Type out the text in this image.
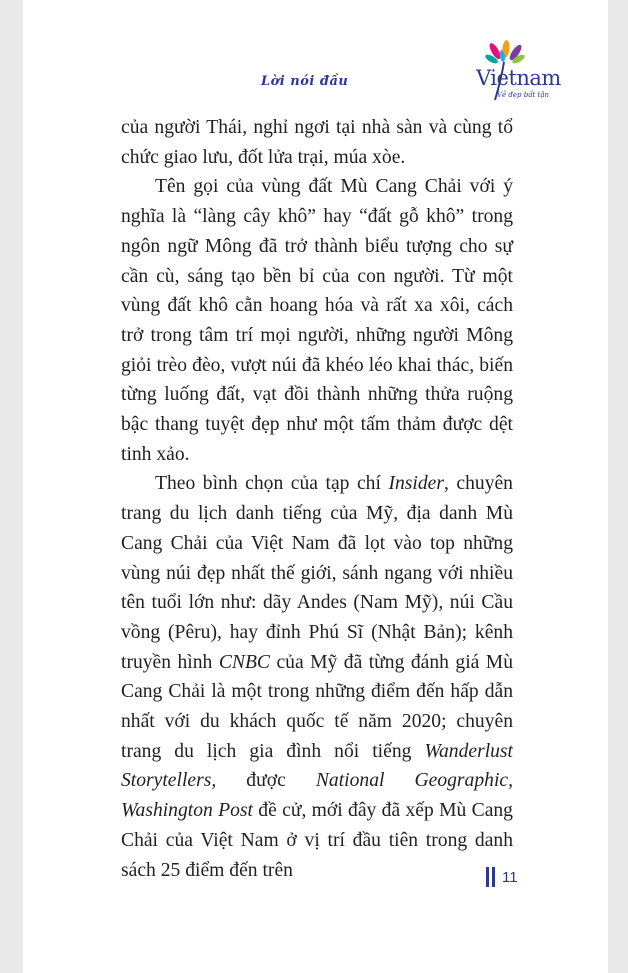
Lời nói đầu	Vietnam
Vẻ đẹp bất tận

của người Thái, nghỉ ngơi tại nhà sàn và cùng tổ chức giao lưu, đốt lửa trại, múa xòe.

Tên gọi của vùng đất Mù Cang Chải với ý nghĩa là “làng cây khô” hay “đất gỗ khô” trong ngôn ngữ Mông đã trở thành biểu tượng cho sự cần cù, sáng tạo bền bỉ của con người. Từ một vùng đất khô cằn hoang hóa và rất xa xôi, cách trở trong tâm trí mọi người, những người Mông giỏi trèo đèo, vượt núi đã khéo léo khai thác, biến từng luống đất, vạt đồi thành những thửa ruộng bậc thang tuyệt đẹp như một tấm thảm được dệt tinh xảo.

Theo bình chọn của tạp chí Insider, chuyên trang du lịch danh tiếng của Mỹ, địa danh Mù Cang Chải của Việt Nam đã lọt vào top những vùng núi đẹp nhất thế giới, sánh ngang với nhiều tên tuổi lớn như: dãy Andes (Nam Mỹ), núi Cầu vồng (Pêru), hay đỉnh Phú Sĩ (Nhật Bản); kênh truyền hình CNBC của Mỹ đã từng đánh giá Mù Cang Chải là một trong những điểm đến hấp dẫn nhất với du khách quốc tế năm 2020; chuyên trang du lịch gia đình nổi tiếng Wanderlust Storytellers, được National Geographic, Washington Post đề cử, mới đây đã xếp Mù Cang Chải của Việt Nam ở vị trí đầu tiên trong danh sách 25 điểm đến trên	11
